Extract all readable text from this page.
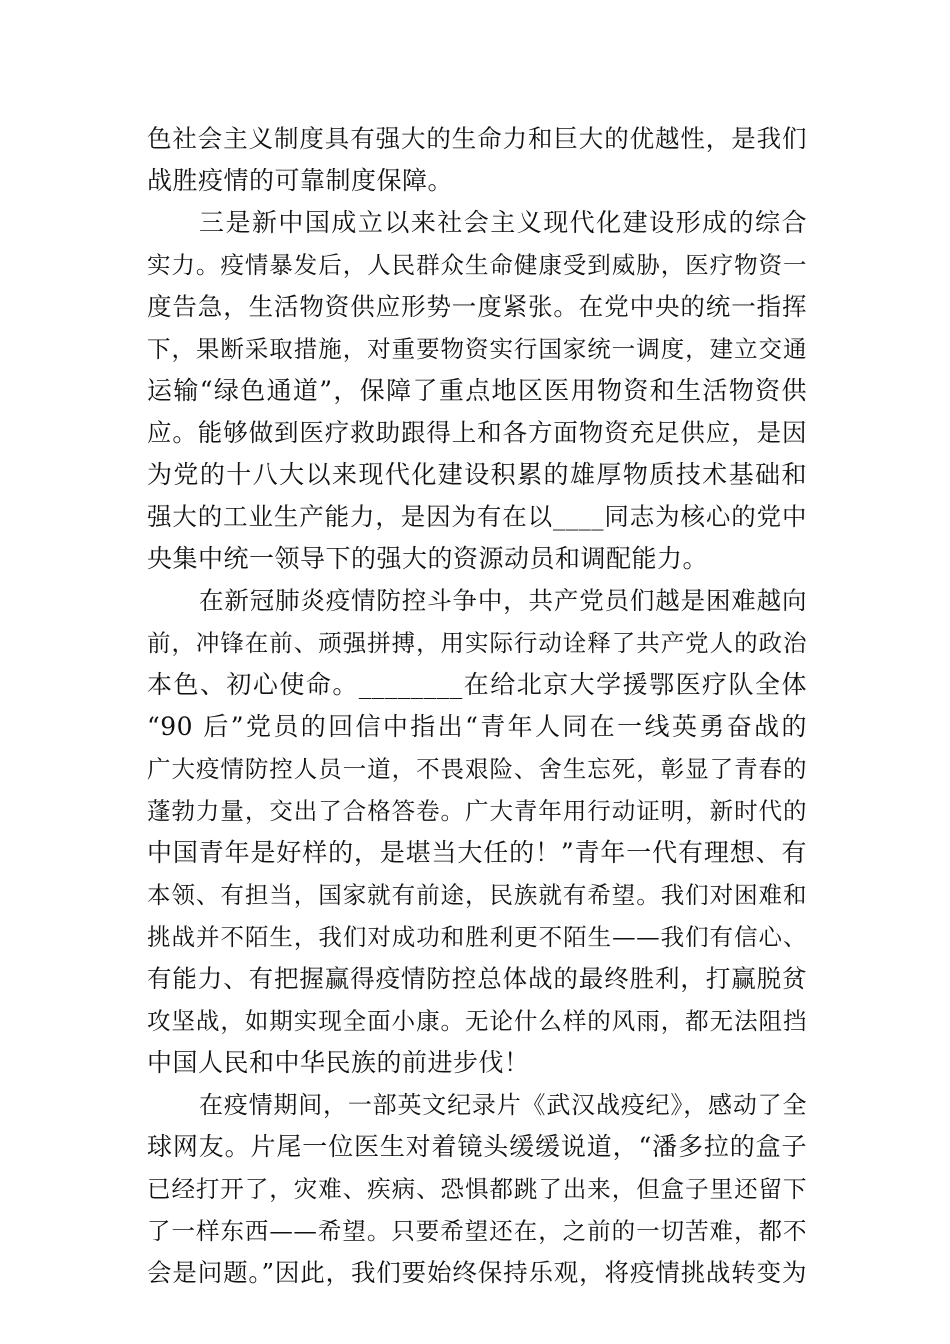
色社会主义制度具有强大的生命力和巨大的优越性，是我们
战胜疫情的可靠制度保障。
三是新中国成立以来社会主义现代化建设形成的综合
实力。疫情暴发后，人民群众生命健康受到威胁，医疗物资一
度告急，生活物资供应形势一度紧张。在党中央的统一指挥
下，果断采取措施，对重要物资实行国家统一调度，建立交通
运输“绿色通道”，保障了重点地区医用物资和生活物资供
应。能够做到医疗救助跟得上和各方面物资充足供应，是因
为党的十八大以来现代化建设积累的雄厚物质技术基础和
强大的工业生产能力，是因为有在以____同志为核心的党中
央集中统一领导下的强大的资源动员和调配能力。
在新冠肺炎疫情防控斗争中，共产党员们越是困难越向
前，冲锋在前、顽强拼搏，用实际行动诠释了共产党人的政治
本色、初心使命。________在给北京大学援鄂医疗队全体
“90 后”党员的回信中指出“青年人同在一线英勇奋战的
广大疫情防控人员一道，不畏艰险、舍生忘死，彰显了青春的
蓬勃力量，交出了合格答卷。广大青年用行动证明，新时代的
中国青年是好样的，是堪当大任的！”青年一代有理想、有
本领、有担当，国家就有前途，民族就有希望。我们对困难和
挑战并不陌生，我们对成功和胜利更不陌生——我们有信心、
有能力、有把握赢得疫情防控总体战的最终胜利，打赢脱贫
攻坚战，如期实现全面小康。无论什么样的风雨，都无法阻挡
中国人民和中华民族的前进步伐！
在疫情期间，一部英文纪录片《武汉战疫纪》，感动了全
球网友。片尾一位医生对着镜头缓缓说道，“潘多拉的盒子
已经打开了，灾难、疾病、恐惧都跳了出来，但盒子里还留下
了一样东西——希望。只要希望还在，之前的一切苦难，都不
会是问题。”因此，我们要始终保持乐观，将疫情挑战转变为
